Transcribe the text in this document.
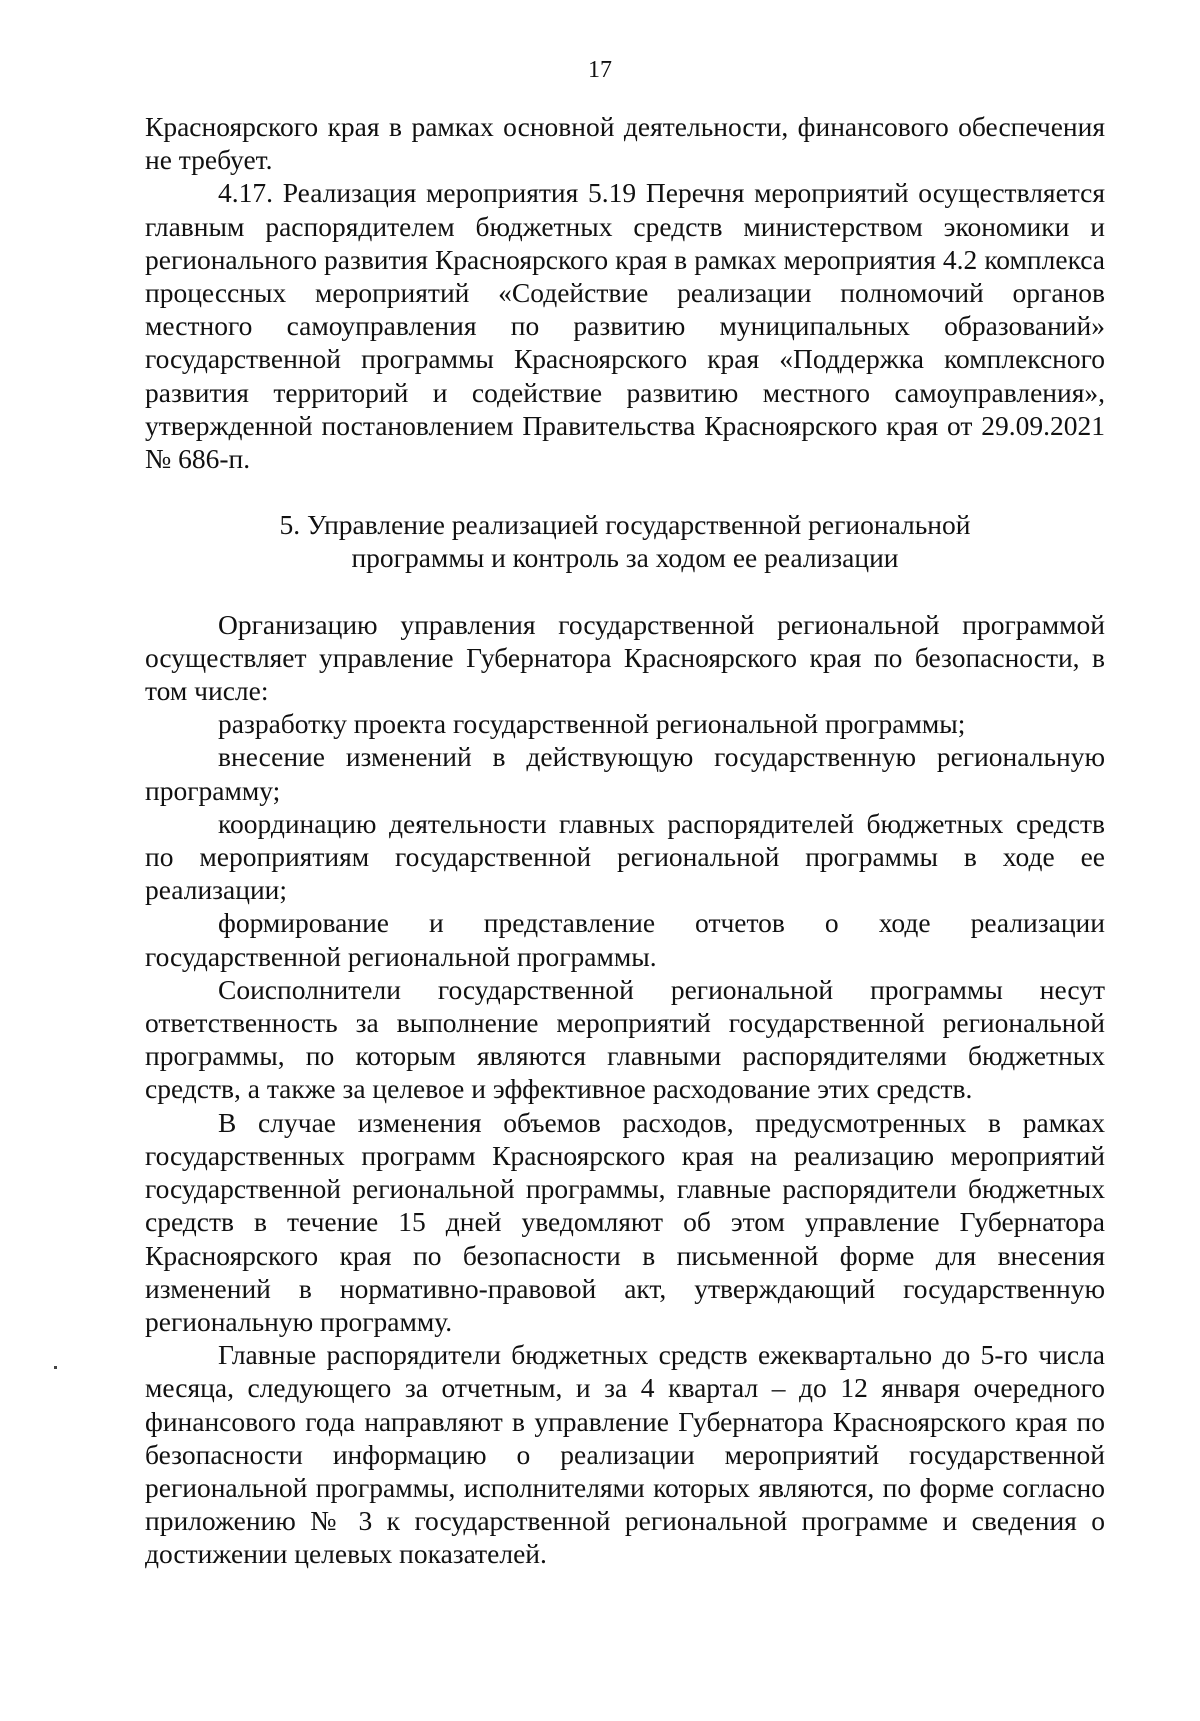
17

Красноярского края в рамках основной деятельности, финансового обеспечения не требует.

4.17. Реализация мероприятия 5.19 Перечня мероприятий осуществляется главным распорядителем бюджетных средств министерством экономики и регионального развития Красноярского края в рамках мероприятия 4.2 комплекса процессных мероприятий «Содействие реализации полномочий органов местного самоуправления по развитию муниципальных образований» государственной программы Красноярского края «Поддержка комплексного развития территорий и содействие развитию местного самоуправления», утвержденной постановлением Правительства Красноярского края от 29.09.2021 № 686-п.

5. Управление реализацией государственной региональной
программы и контроль за ходом ее реализации

Организацию управления государственной региональной программой осуществляет управление Губернатора Красноярского края по безопасности, в том числе:

разработку проекта государственной региональной программы;

внесение изменений в действующую государственную региональную программу;

координацию деятельности главных распорядителей бюджетных средств по мероприятиям государственной региональной программы в ходе ее реализации;

формирование и представление отчетов о ходе реализации государственной региональной программы.

Соисполнители государственной региональной программы несут ответственность за выполнение мероприятий государственной региональной программы, по которым являются главными распорядителями бюджетных средств, а также за целевое и эффективное расходование этих средств.

В случае изменения объемов расходов, предусмотренных в рамках государственных программ Красноярского края на реализацию мероприятий государственной региональной программы, главные распорядители бюджетных средств в течение 15 дней уведомляют об этом управление Губернатора Красноярского края по безопасности в письменной форме для внесения изменений в нормативно-правовой акт, утверждающий государственную региональную программу.

Главные распорядители бюджетных средств ежеквартально до 5-го числа месяца, следующего за отчетным, и за 4 квартал – до 12 января очередного финансового года направляют в управление Губернатора Красноярского края по безопасности информацию о реализации мероприятий государственной региональной программы, исполнителями которых являются, по форме согласно приложению № 3 к государственной региональной программе и сведения о достижении целевых показателей.
